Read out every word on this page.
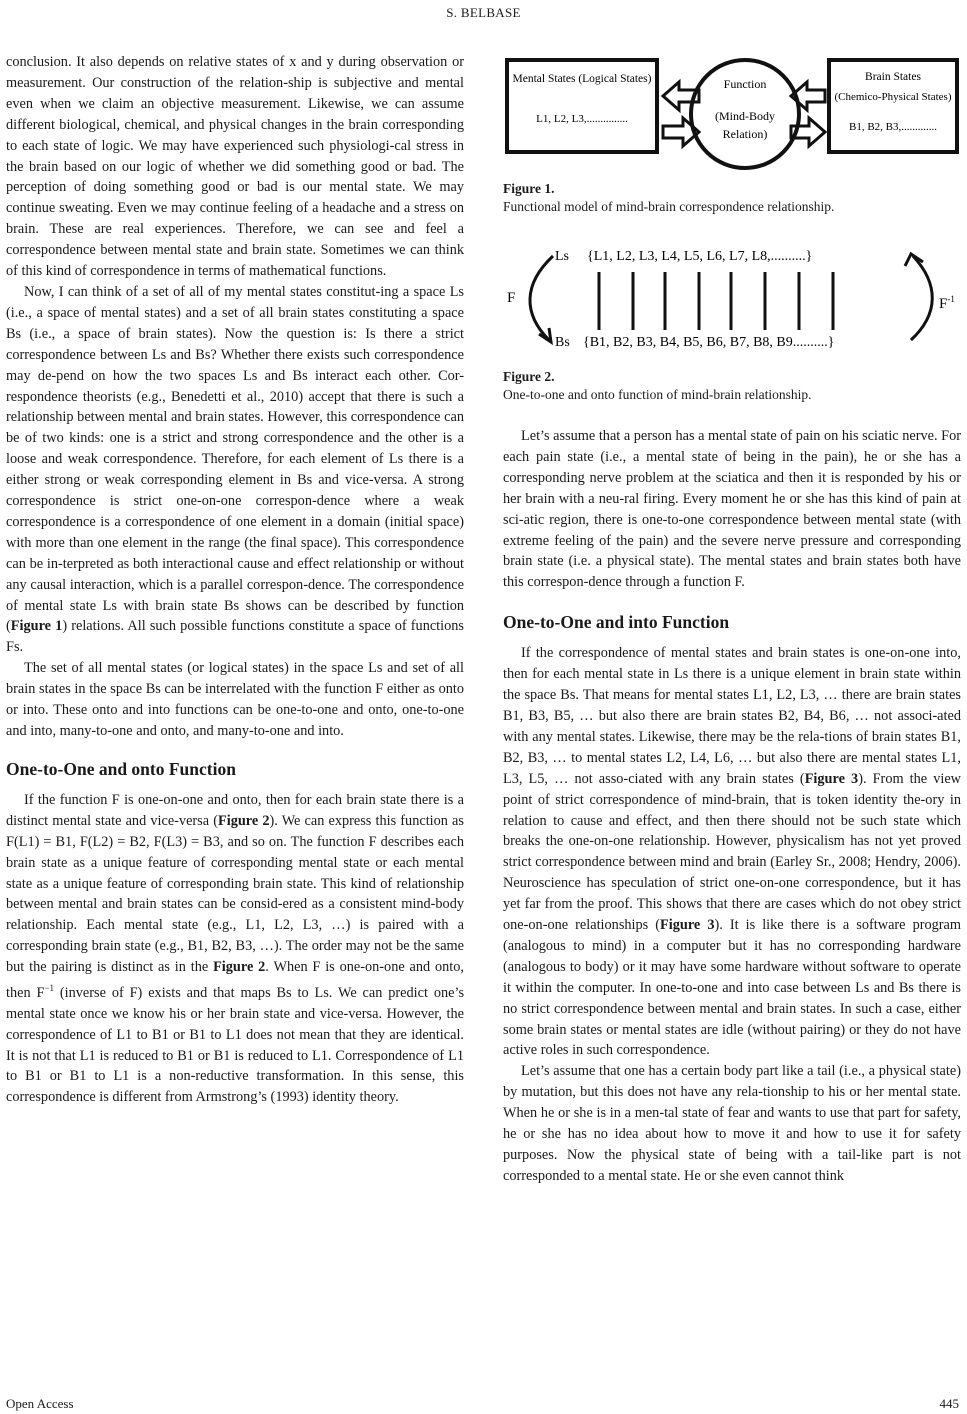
S. BELBASE

conclusion. It also depends on relative states of x and y during observation or measurement. Our construction of the relation-ship is subjective and mental even when we claim an objective measurement. Likewise, we can assume different biological, chemical, and physical changes in the brain corresponding to each state of logic. We may have experienced such physiologi-cal stress in the brain based on our logic of whether we did something good or bad. The perception of doing something good or bad is our mental state. We may continue sweating. Even we may continue feeling of a headache and a stress on brain. These are real experiences. Therefore, we can see and feel a correspondence between mental state and brain state. Sometimes we can think of this kind of correspondence in terms of mathematical functions.

Now, I can think of a set of all of my mental states constitut-ing a space Ls (i.e., a space of mental states) and a set of all brain states constituting a space Bs (i.e., a space of brain states). Now the question is: Is there a strict correspondence between Ls and Bs? Whether there exists such correspondence may de-pend on how the two spaces Ls and Bs interact each other. Cor-respondence theorists (e.g., Benedetti et al., 2010) accept that there is such a relationship between mental and brain states. However, this correspondence can be of two kinds: one is a strict and strong correspondence and the other is a loose and weak correspondence. Therefore, for each element of Ls there is a either strong or weak corresponding element in Bs and vice-versa. A strong correspondence is strict one-on-one correspon-dence where a weak correspondence is a correspondence of one element in a domain (initial space) with more than one element in the range (the final space). This correspondence can be in-terpreted as both interactional cause and effect relationship or without any causal interaction, which is a parallel correspon-dence. The correspondence of mental state Ls with brain state Bs shows can be described by function (Figure 1) relations. All such possible functions constitute a space of functions Fs.

The set of all mental states (or logical states) in the space Ls and set of all brain states in the space Bs can be interrelated with the function F either as onto or into. These onto and into functions can be one-to-one and onto, one-to-one and into, many-to-one and onto, and many-to-one and into.

One-to-One and onto Function

If the function F is one-on-one and onto, then for each brain state there is a distinct mental state and vice-versa (Figure 2). We can express this function as F(L1) = B1, F(L2) = B2, F(L3) = B3, and so on. The function F describes each brain state as a unique feature of corresponding mental state or each mental state as a unique feature of corresponding brain state. This kind of relationship between mental and brain states can be consid-ered as a consistent mind-body relationship. Each mental state (e.g., L1, L2, L3, …) is paired with a corresponding brain state (e.g., B1, B2, B3, …). The order may not be the same but the pairing is distinct as in the Figure 2. When F is one-on-one and onto, then $F^{-1}$ (inverse of F) exists and that maps Bs to Ls. We can predict one’s mental state once we know his or her brain state and vice-versa. However, the correspondence of L1 to B1 or B1 to L1 does not mean that they are identical. It is not that L1 is reduced to B1 or B1 is reduced to L1. Correspondence of L1 to B1 or B1 to L1 is a non-reductive transformation. In this sense, this correspondence is different from Armstrong’s (1993) identity theory.

Mental States (Logical States)
L1, L2, L3,...............
Function
(Mind-Body
Relation)
Brain States
(Chemico-Physical States)
B1, B2, B3,.............
Figure 1.
Functional model of mind-brain correspondence relationship.
Ls {L1, L2, L3, L4, L5, L6, L7, L8,..........}
Bs {B1, B2, B3, B4, B5, B6, B7, B8, B9..........}
F	$F^{-1}$
Figure 2.
One-to-one and onto function of mind-brain relationship.

Let’s assume that a person has a mental state of pain on his sciatic nerve. For each pain state (i.e., a mental state of being in the pain), he or she has a corresponding nerve problem at the sciatica and then it is responded by his or her brain with a neu-ral firing. Every moment he or she has this kind of pain at sci-atic region, there is one-to-one correspondence between mental state (with extreme feeling of the pain) and the severe nerve pressure and corresponding brain state (i.e. a physical state). The mental states and brain states both have this correspon-dence through a function F.

One-to-One and into Function

If the correspondence of mental states and brain states is one-on-one into, then for each mental state in Ls there is a unique element in brain state within the space Bs. That means for mental states L1, L2, L3, … there are brain states B1, B3, B5, … but also there are brain states B2, B4, B6, … not associ-ated with any mental states. Likewise, there may be the rela-tions of brain states B1, B2, B3, … to mental states L2, L4, L6, … but also there are mental states L1, L3, L5, … not asso-ciated with any brain states (Figure 3). From the view point of strict correspondence of mind-brain, that is token identity the-ory in relation to cause and effect, and then there should not be such state which breaks the one-on-one relationship. However, physicalism has not yet proved strict correspondence between mind and brain (Earley Sr., 2008; Hendry, 2006). Neuroscience has speculation of strict one-on-one correspondence, but it has yet far from the proof. This shows that there are cases which do not obey strict one-on-one relationships (Figure 3). It is like there is a software program (analogous to mind) in a computer but it has no corresponding hardware (analogous to body) or it may have some hardware without software to operate it within the computer. In one-to-one and into case between Ls and Bs there is no strict correspondence between mental and brain states. In such a case, either some brain states or mental states are idle (without pairing) or they do not have active roles in such correspondence.

Let’s assume that one has a certain body part like a tail (i.e., a physical state) by mutation, but this does not have any rela-tionship to his or her mental state. When he or she is in a men-tal state of fear and wants to use that part for safety, he or she has no idea about how to move it and how to use it for safety purposes. Now the physical state of being with a tail-like part is not corresponded to a mental state. He or she even cannot think

Open Access	445
